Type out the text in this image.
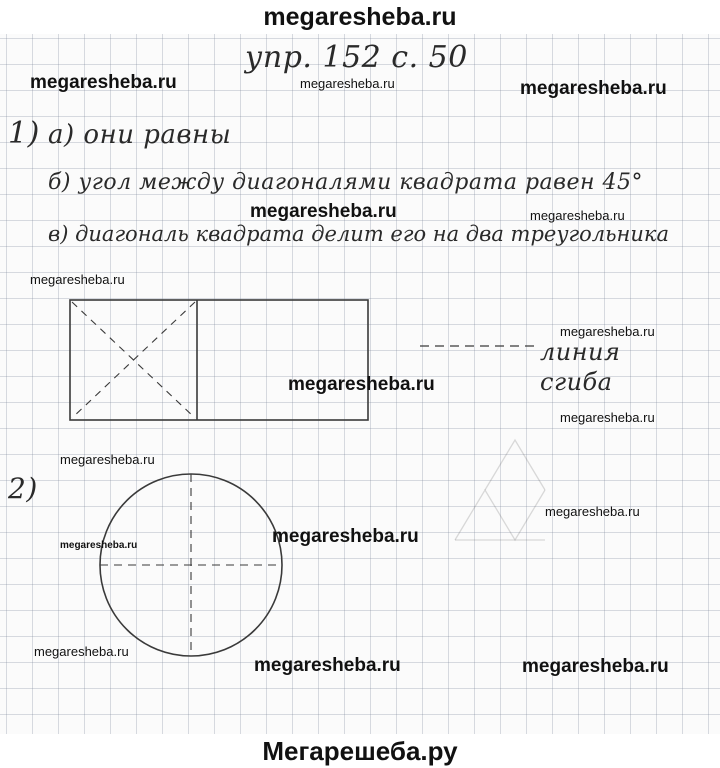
megaresheba.ru
упр. 152 с. 50
1) а) они равны
б) угол между диагоналями квадрата равен 45°
в) диагональ квадрата делит его на два треугольника
линия
сгиба
2)
megaresheba.ru	megaresheba.ru	megaresheba.ru
megaresheba.ru	megaresheba.ru
megaresheba.ru
megaresheba.ru
megaresheba.ru
megaresheba.ru
megaresheba.ru
megaresheba.ru
megaresheba.ru
megaresheba.ru
megaresheba.ru
megaresheba.ru	megaresheba.ru
Мегарешеба.ру
